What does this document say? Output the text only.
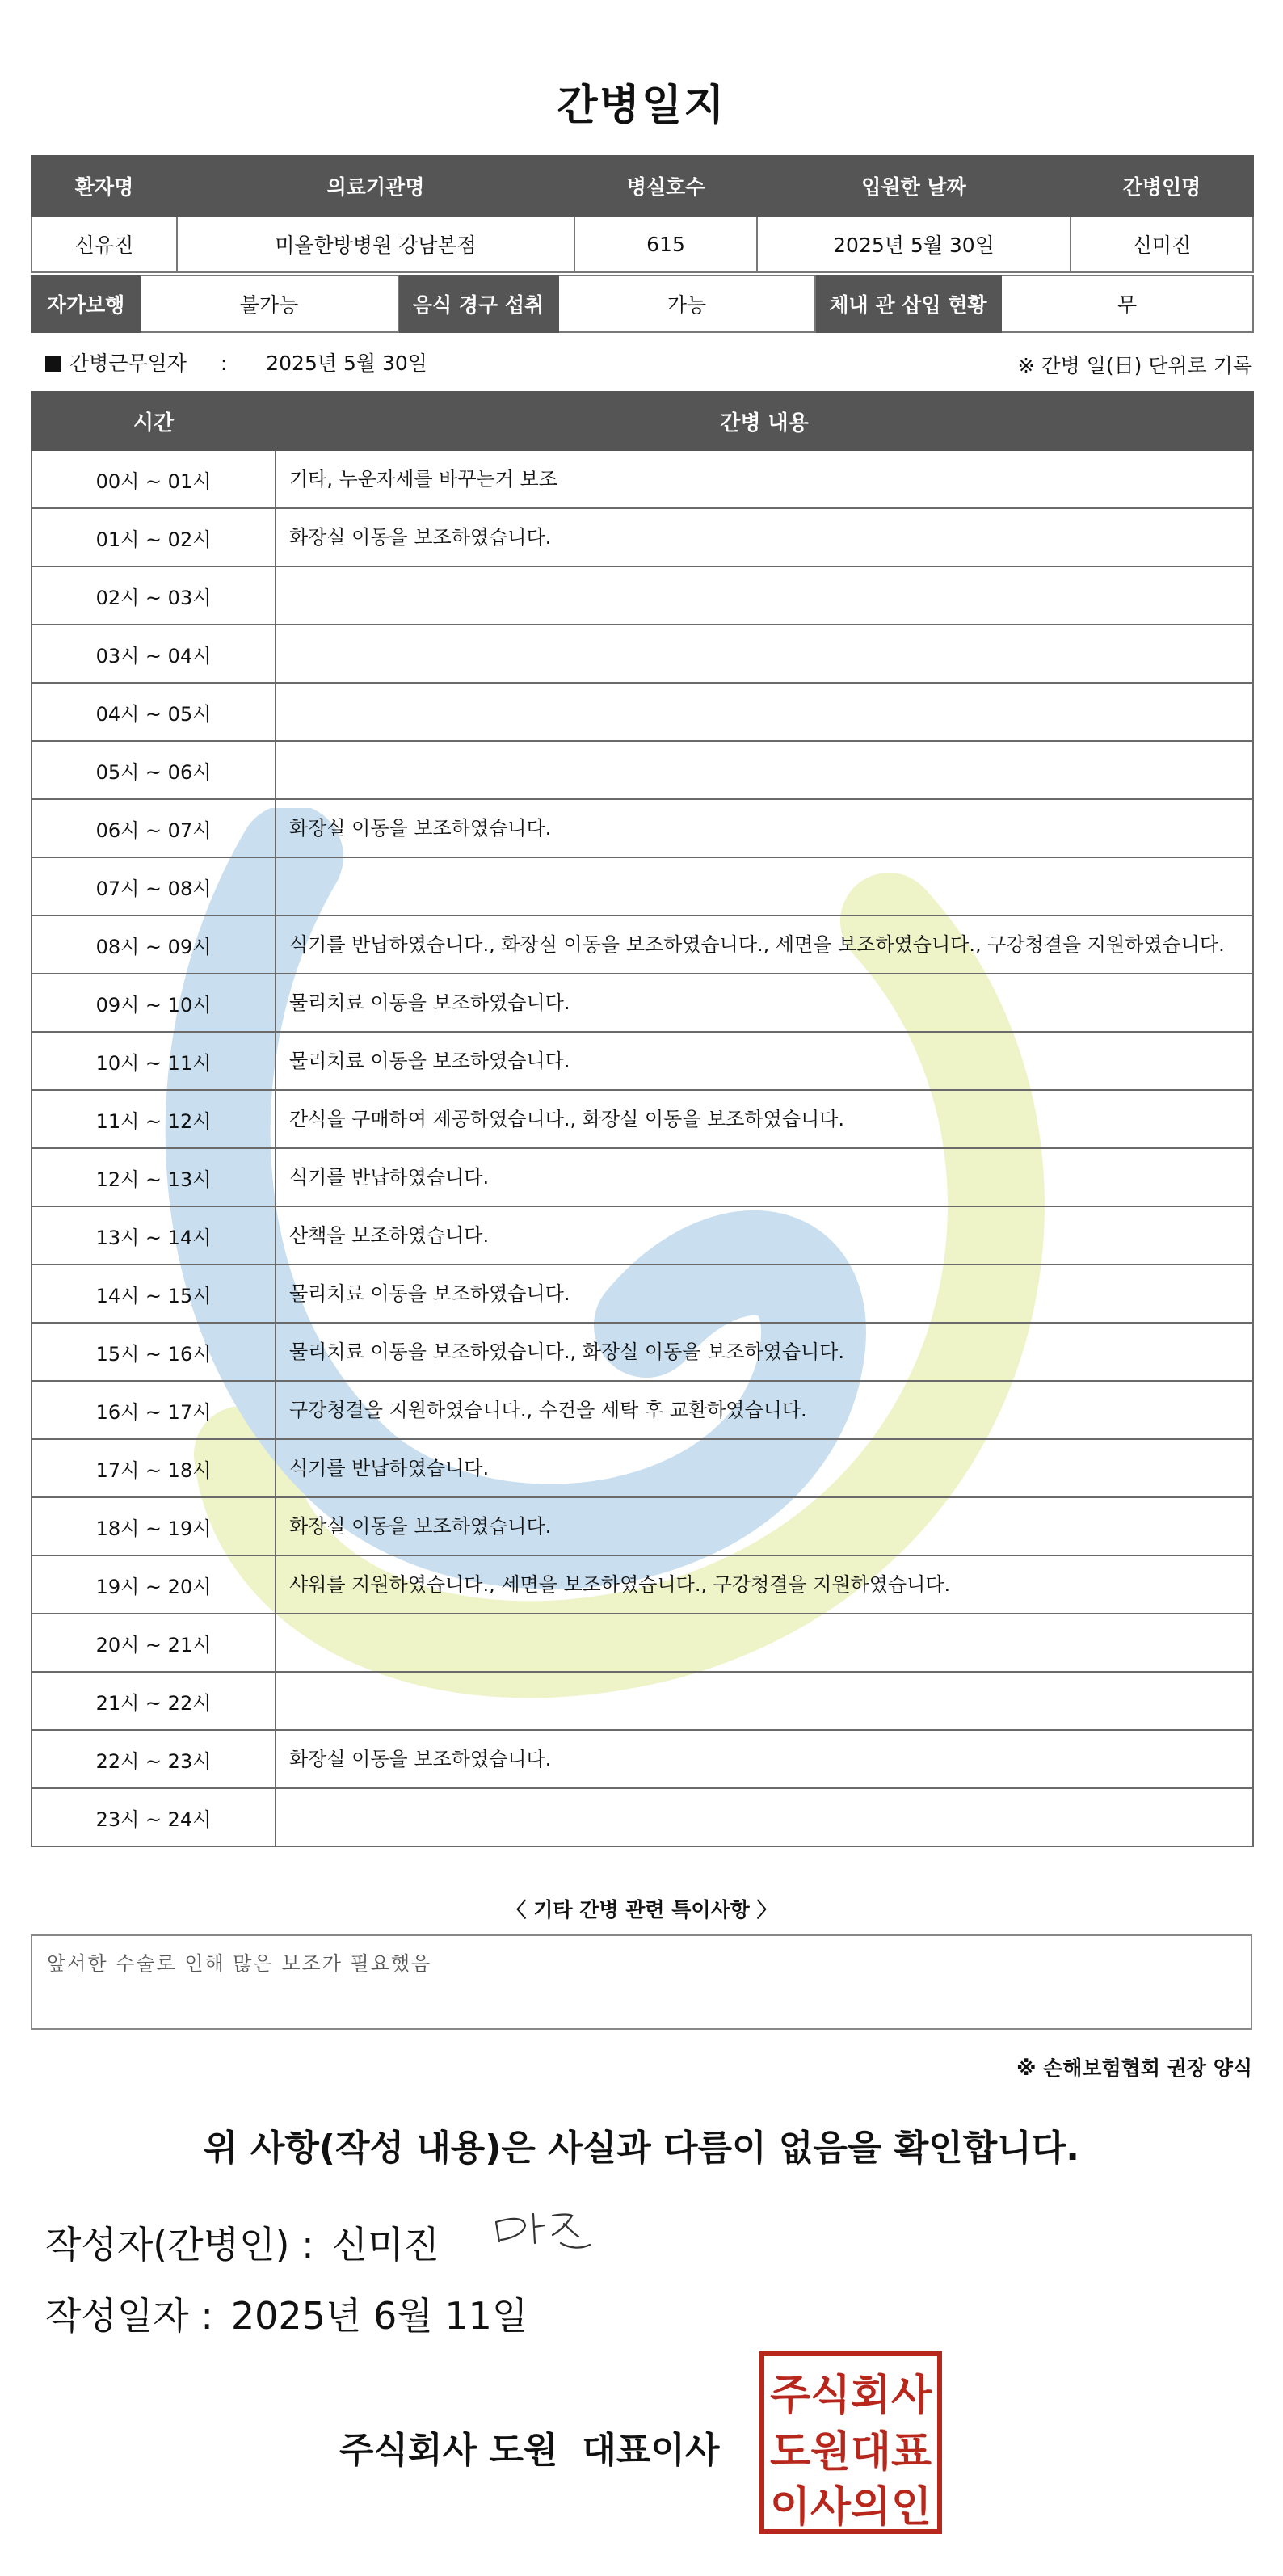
간병일지
환자명	의료기관명	병실호수	입원한 날짜	간병인명
신유진	미올한방병원 강남본점	615	2025년 5월 30일	신미진
자가보행	불가능	음식 경구 섭취	가능	체내 관 삽입 현황	무
간병근무일자 : 2025년 5월 30일	※ 간병 일(日) 단위로 기록
시간	간병 내용
00시 ~ 01시	기타, 누운자세를 바꾸는거 보조
01시 ~ 02시	화장실 이동을 보조하였습니다.
02시 ~ 03시	
03시 ~ 04시	
04시 ~ 05시	
05시 ~ 06시	
06시 ~ 07시	화장실 이동을 보조하였습니다.
07시 ~ 08시	
08시 ~ 09시	식기를 반납하였습니다., 화장실 이동을 보조하였습니다., 세면을 보조하였습니다., 구강청결을 지원하였습니다.
09시 ~ 10시	물리치료 이동을 보조하였습니다.
10시 ~ 11시	물리치료 이동을 보조하였습니다.
11시 ~ 12시	간식을 구매하여 제공하였습니다., 화장실 이동을 보조하였습니다.
12시 ~ 13시	식기를 반납하였습니다.
13시 ~ 14시	산책을 보조하였습니다.
14시 ~ 15시	물리치료 이동을 보조하였습니다.
15시 ~ 16시	물리치료 이동을 보조하였습니다., 화장실 이동을 보조하였습니다.
16시 ~ 17시	구강청결을 지원하였습니다., 수건을 세탁 후 교환하였습니다.
17시 ~ 18시	식기를 반납하였습니다.
18시 ~ 19시	화장실 이동을 보조하였습니다.
19시 ~ 20시	샤워를 지원하였습니다., 세면을 보조하였습니다., 구강청결을 지원하였습니다.
20시 ~ 21시	
21시 ~ 22시	
22시 ~ 23시	화장실 이동을 보조하였습니다.
23시 ~ 24시	
〈 기타 간병 관련 특이사항 〉
앞서한 수술로 인해 많은 보조가 필요했음
※ 손해보험협회 권장 양식
위 사항(작성 내용)은 사실과 다름이 없음을 확인합니다.
작성자(간병인) : 신미진
작성일자 : 2025년 6월 11일
주식회사 도원 대표이사
주식회사
도원대표
이사의인
